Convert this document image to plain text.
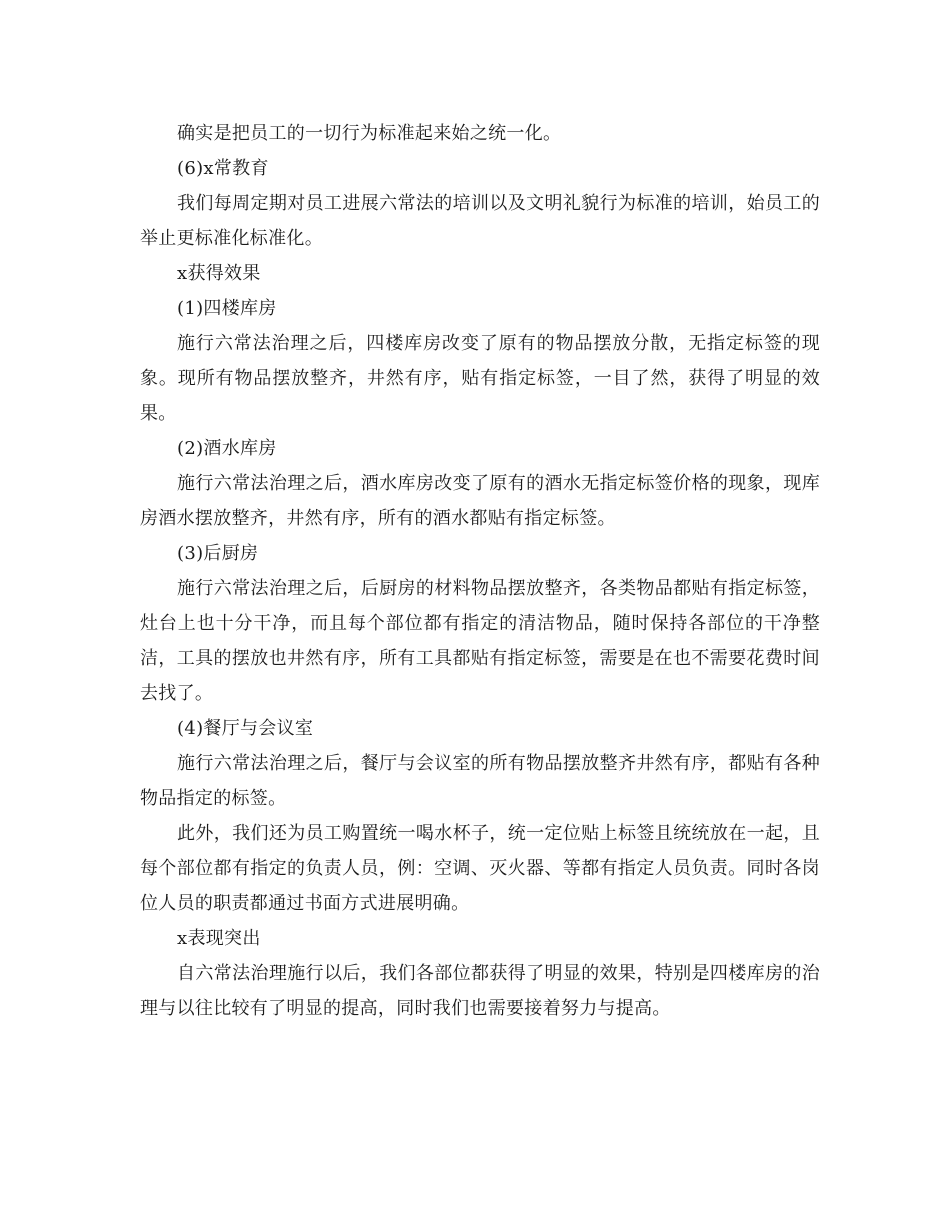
确实是把员工的一切行为标准起来始之统一化。

(6)x常教育

我们每周定期对员工进展六常法的培训以及文明礼貌行为标准的培训，始员工的举止更标准化标准化。

x获得效果

(1)四楼库房

施行六常法治理之后，四楼库房改变了原有的物品摆放分散，无指定标签的现象。现所有物品摆放整齐，井然有序，贴有指定标签，一目了然，获得了明显的效果。

(2)酒水库房

施行六常法治理之后，酒水库房改变了原有的酒水无指定标签价格的现象，现库房酒水摆放整齐，井然有序，所有的酒水都贴有指定标签。

(3)后厨房

施行六常法治理之后，后厨房的材料物品摆放整齐，各类物品都贴有指定标签，灶台上也十分干净，而且每个部位都有指定的清洁物品，随时保持各部位的干净整洁，工具的摆放也井然有序，所有工具都贴有指定标签，需要是在也不需要花费时间去找了。

(4)餐厅与会议室

施行六常法治理之后，餐厅与会议室的所有物品摆放整齐井然有序，都贴有各种物品指定的标签。

此外，我们还为员工购置统一喝水杯子，统一定位贴上标签且统统放在一起，且每个部位都有指定的负责人员，例：空调、灭火器、等都有指定人员负责。同时各岗位人员的职责都通过书面方式进展明确。

x表现突出

自六常法治理施行以后，我们各部位都获得了明显的效果，特别是四楼库房的治理与以往比较有了明显的提高，同时我们也需要接着努力与提高。
